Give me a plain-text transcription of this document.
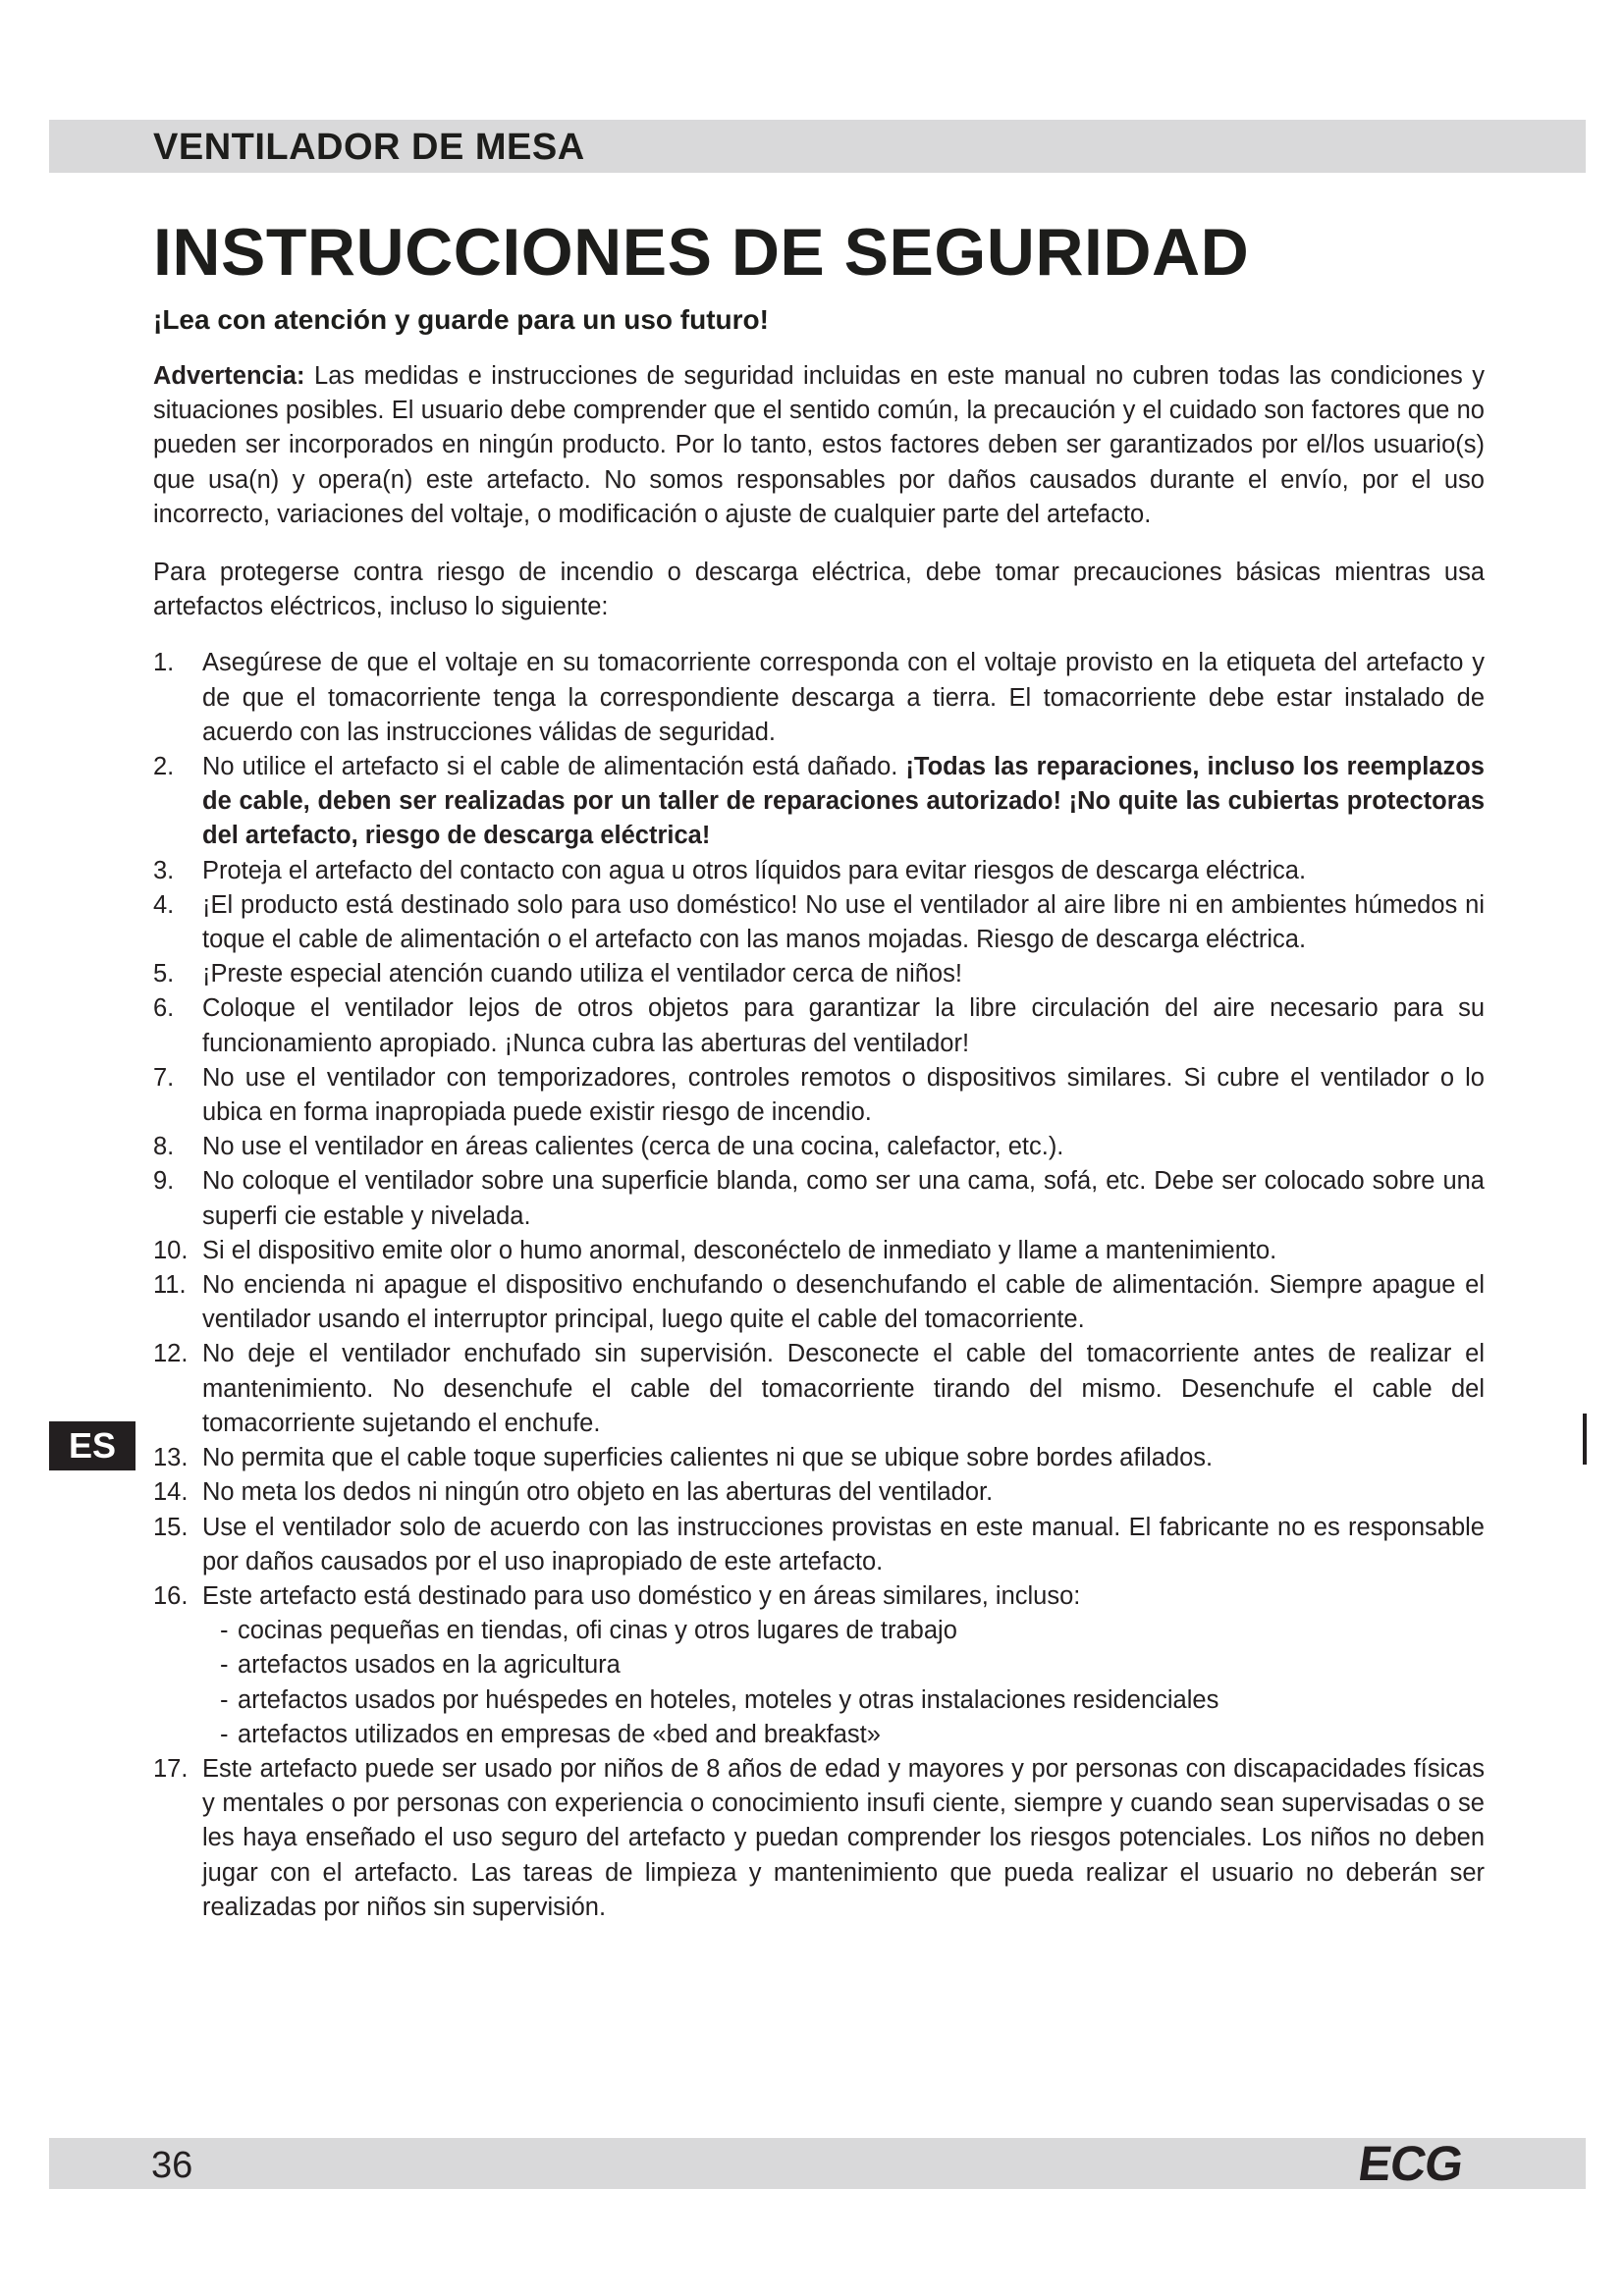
VENTILADOR DE MESA
INSTRUCCIONES DE SEGURIDAD

¡Lea con atención y guarde para un uso futuro!

Advertencia: Las medidas e instrucciones de seguridad incluidas en este manual no cubren todas las condiciones y situaciones posibles. El usuario debe comprender que el sentido común, la precaución y el cuidado son factores que no pueden ser incorporados en ningún producto. Por lo tanto, estos factores deben ser garantizados por el/los usuario(s) que usa(n) y opera(n) este artefacto. No somos responsables por daños causados durante el envío, por el uso incorrecto, variaciones del voltaje, o modificación o ajuste de cualquier parte del artefacto.

Para protegerse contra riesgo de incendio o descarga eléctrica, debe tomar precauciones básicas mientras usa artefactos eléctricos, incluso lo siguiente:

1. Asegúrese de que el voltaje en su tomacorriente corresponda con el voltaje provisto en la etiqueta del artefacto y de que el tomacorriente tenga la correspondiente descarga a tierra. El tomacorriente debe estar instalado de acuerdo con las instrucciones válidas de seguridad.
2. No utilice el artefacto si el cable de alimentación está dañado. ¡Todas las reparaciones, incluso los reemplazos de cable, deben ser realizadas por un taller de reparaciones autorizado! ¡No quite las cubiertas protectoras del artefacto, riesgo de descarga eléctrica!
3. Proteja el artefacto del contacto con agua u otros líquidos para evitar riesgos de descarga eléctrica.
4. ¡El producto está destinado solo para uso doméstico! No use el ventilador al aire libre ni en ambientes húmedos ni toque el cable de alimentación o el artefacto con las manos mojadas. Riesgo de descarga eléctrica.
5. ¡Preste especial atención cuando utiliza el ventilador cerca de niños!
6. Coloque el ventilador lejos de otros objetos para garantizar la libre circulación del aire necesario para su funcionamiento apropiado. ¡Nunca cubra las aberturas del ventilador!
7. No use el ventilador con temporizadores, controles remotos o dispositivos similares. Si cubre el ventilador o lo ubica en forma inapropiada puede existir riesgo de incendio.
8. No use el ventilador en áreas calientes (cerca de una cocina, calefactor, etc.).
9. No coloque el ventilador sobre una superficie blanda, como ser una cama, sofá, etc. Debe ser colocado sobre una superfi cie estable y nivelada.
10. Si el dispositivo emite olor o humo anormal, desconéctelo de inmediato y llame a mantenimiento.
11. No encienda ni apague el dispositivo enchufando o desenchufando el cable de alimentación. Siempre apague el ventilador usando el interruptor principal, luego quite el cable del tomacorriente.
12. No deje el ventilador enchufado sin supervisión. Desconecte el cable del tomacorriente antes de realizar el mantenimiento. No desenchufe el cable del tomacorriente tirando del mismo. Desenchufe el cable del tomacorriente sujetando el enchufe.
13. No permita que el cable toque superficies calientes ni que se ubique sobre bordes afilados.
14. No meta los dedos ni ningún otro objeto en las aberturas del ventilador.
15. Use el ventilador solo de acuerdo con las instrucciones provistas en este manual. El fabricante no es responsable por daños causados por el uso inapropiado de este artefacto.
16. Este artefacto está destinado para uso doméstico y en áreas similares, incluso:
- cocinas pequeñas en tiendas, ofi cinas y otros lugares de trabajo
- artefactos usados en la agricultura
- artefactos usados por huéspedes en hoteles, moteles y otras instalaciones residenciales
- artefactos utilizados en empresas de «bed and breakfast»
17. Este artefacto puede ser usado por niños de 8 años de edad y mayores y por personas con discapacidades físicas y mentales o por personas con experiencia o conocimiento insufi ciente, siempre y cuando sean supervisadas o se les haya enseñado el uso seguro del artefacto y puedan comprender los riesgos potenciales. Los niños no deben jugar con el artefacto. Las tareas de limpieza y mantenimiento que pueda realizar el usuario no deberán ser realizadas por niños sin supervisión.
ES
36	ECG
